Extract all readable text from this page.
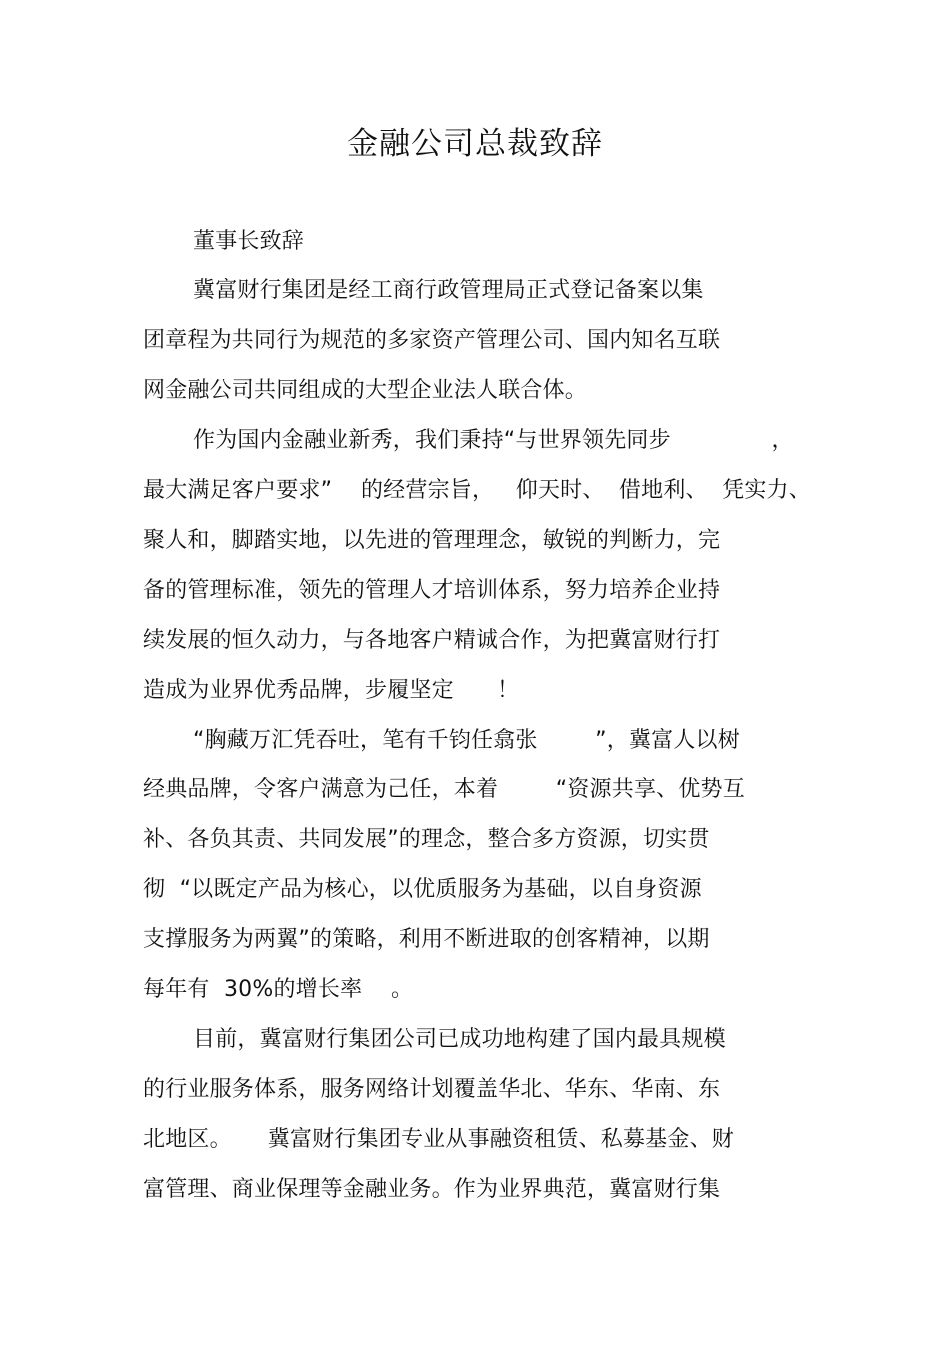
金融公司总裁致辞
董事长致辞
冀富财行集团是经工商行政管理局正式登记备案以集
团章程为共同行为规范的多家资产管理公司、国内知名互联
网金融公司共同组成的大型企业法人联合体。
作为国内金融业新秀，我们秉持“与世界领先同步              ，
最大满足客户要求”    的经营宗旨，   仰天时、  借地利、  凭实力、
聚人和，脚踏实地，以先进的管理理念，敏锐的判断力，完
备的管理标准，领先的管理人才培训体系，努力培养企业持
续发展的恒久动力，与各地客户精诚合作，为把冀富财行打
造成为业界优秀品牌，步履坚定      ！
“胸藏万汇凭吞吐，笔有千钧任翕张        ”，冀富人以树
经典品牌，令客户满意为己任，本着        “资源共享、优势互
补、各负其责、共同发展”的理念，整合多方资源，切实贯
彻  “以既定产品为核心，以优质服务为基础，以自身资源
支撑服务为两翼”的策略，利用不断进取的创客精神，以期
每年有  30%的增长率    。
目前，冀富财行集团公司已成功地构建了国内最具规模
的行业服务体系，服务网络计划覆盖华北、华东、华南、东
北地区。     冀富财行集团专业从事融资租赁、私募基金、财
富管理、商业保理等金融业务。作为业界典范，冀富财行集
